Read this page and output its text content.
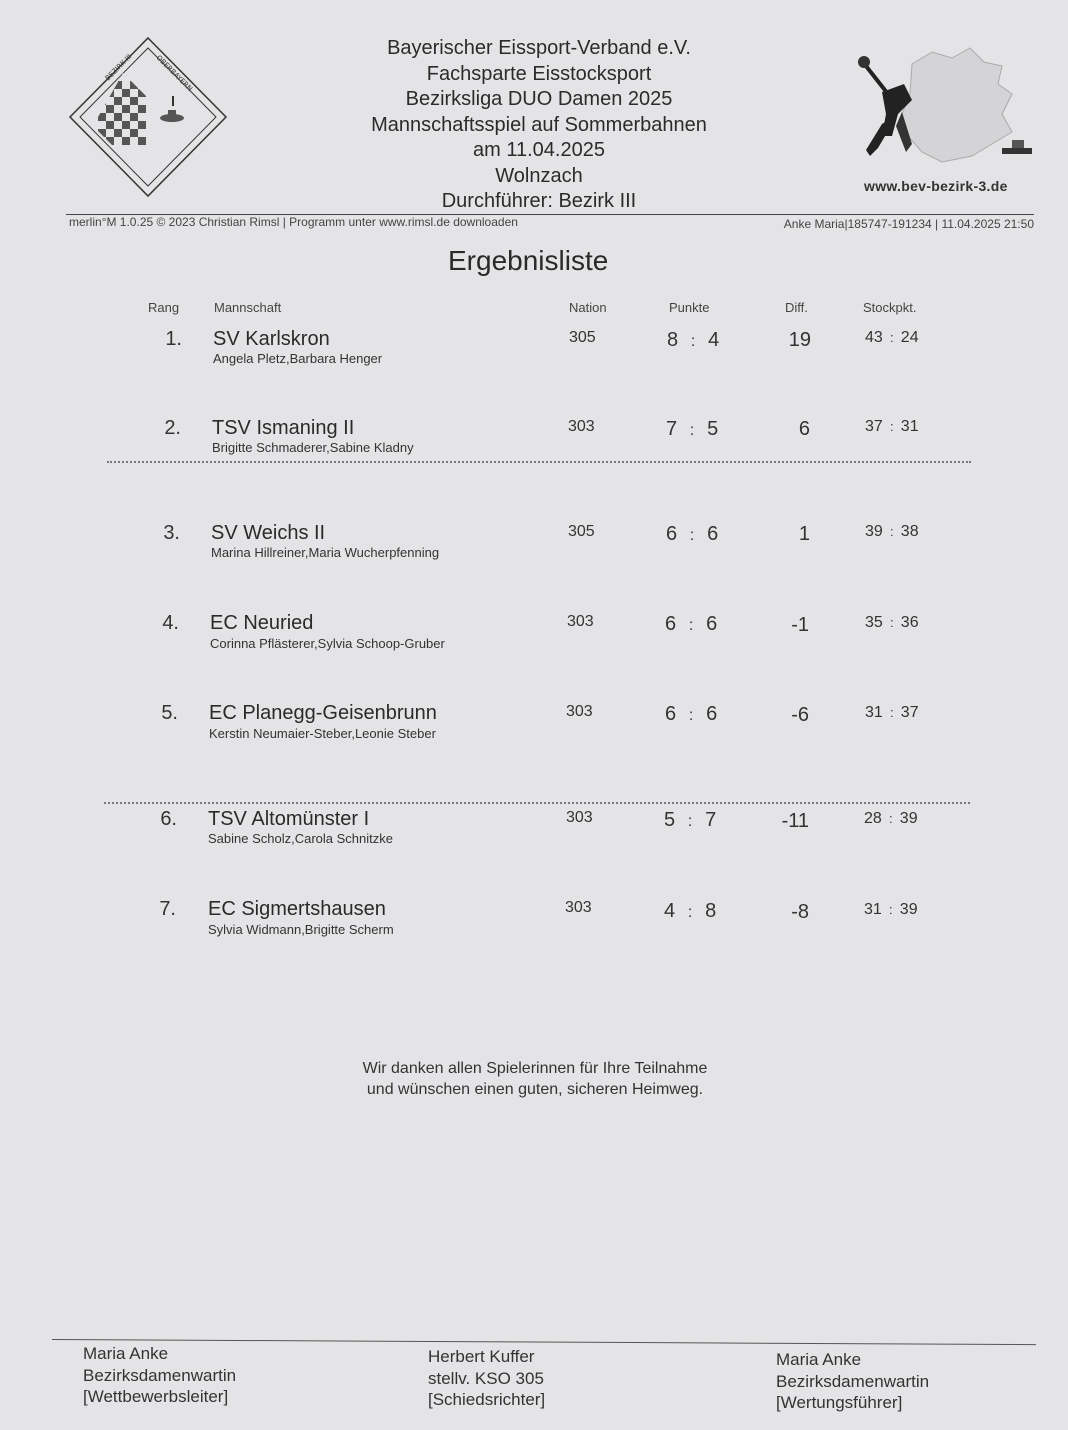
BEZIRK III	OBERBAYERN
Bayerischer Eissport-Verband e.V.
Fachsparte Eisstocksport
Bezirksliga DUO Damen 2025
Mannschaftsspiel auf Sommerbahnen
am 11.04.2025
Wolnzach
Durchführer: Bezirk III
www.bev-bezirk-3.de
merlin°M 1.0.25 © 2023 Christian Rimsl | Programm unter www.rimsl.de downloaden	Anke Maria|185747-191234 | 11.04.2025 21:50
Ergebnisliste
Rang	Mannschaft	Nation	Punkte	Diff.	Stockpkt.
1. SV Karlskron
Angela Pletz,Barbara Henger
305	8 : 4	19	43 : 24
2. TSV Ismaning II
Brigitte Schmaderer,Sabine Kladny
303	7 : 5	6	37 : 31
3. SV Weichs II
Marina Hillreiner,Maria Wucherpfenning
305	6 : 6	1	39 : 38
4. EC Neuried
Corinna Pflästerer,Sylvia Schoop-Gruber
303	6 : 6	-1	35 : 36
5. EC Planegg-Geisenbrunn
Kerstin Neumaier-Steber,Leonie Steber
303	6 : 6	-6	31 : 37
6. TSV Altomünster I
Sabine Scholz,Carola Schnitzke
303	5 : 7	-11	28 : 39
7. EC Sigmertshausen
Sylvia Widmann,Brigitte Scherm
303	4 : 8	-8	31 : 39
Wir danken allen Spielerinnen für Ihre Teilnahme
und wünschen einen guten, sicheren Heimweg.
Maria Anke
Bezirksdamenwartin
[Wettbewerbsleiter]
Herbert Kuffer
stellv. KSO 305
[Schiedsrichter]
Maria Anke
Bezirksdamenwartin
[Wertungsführer]
